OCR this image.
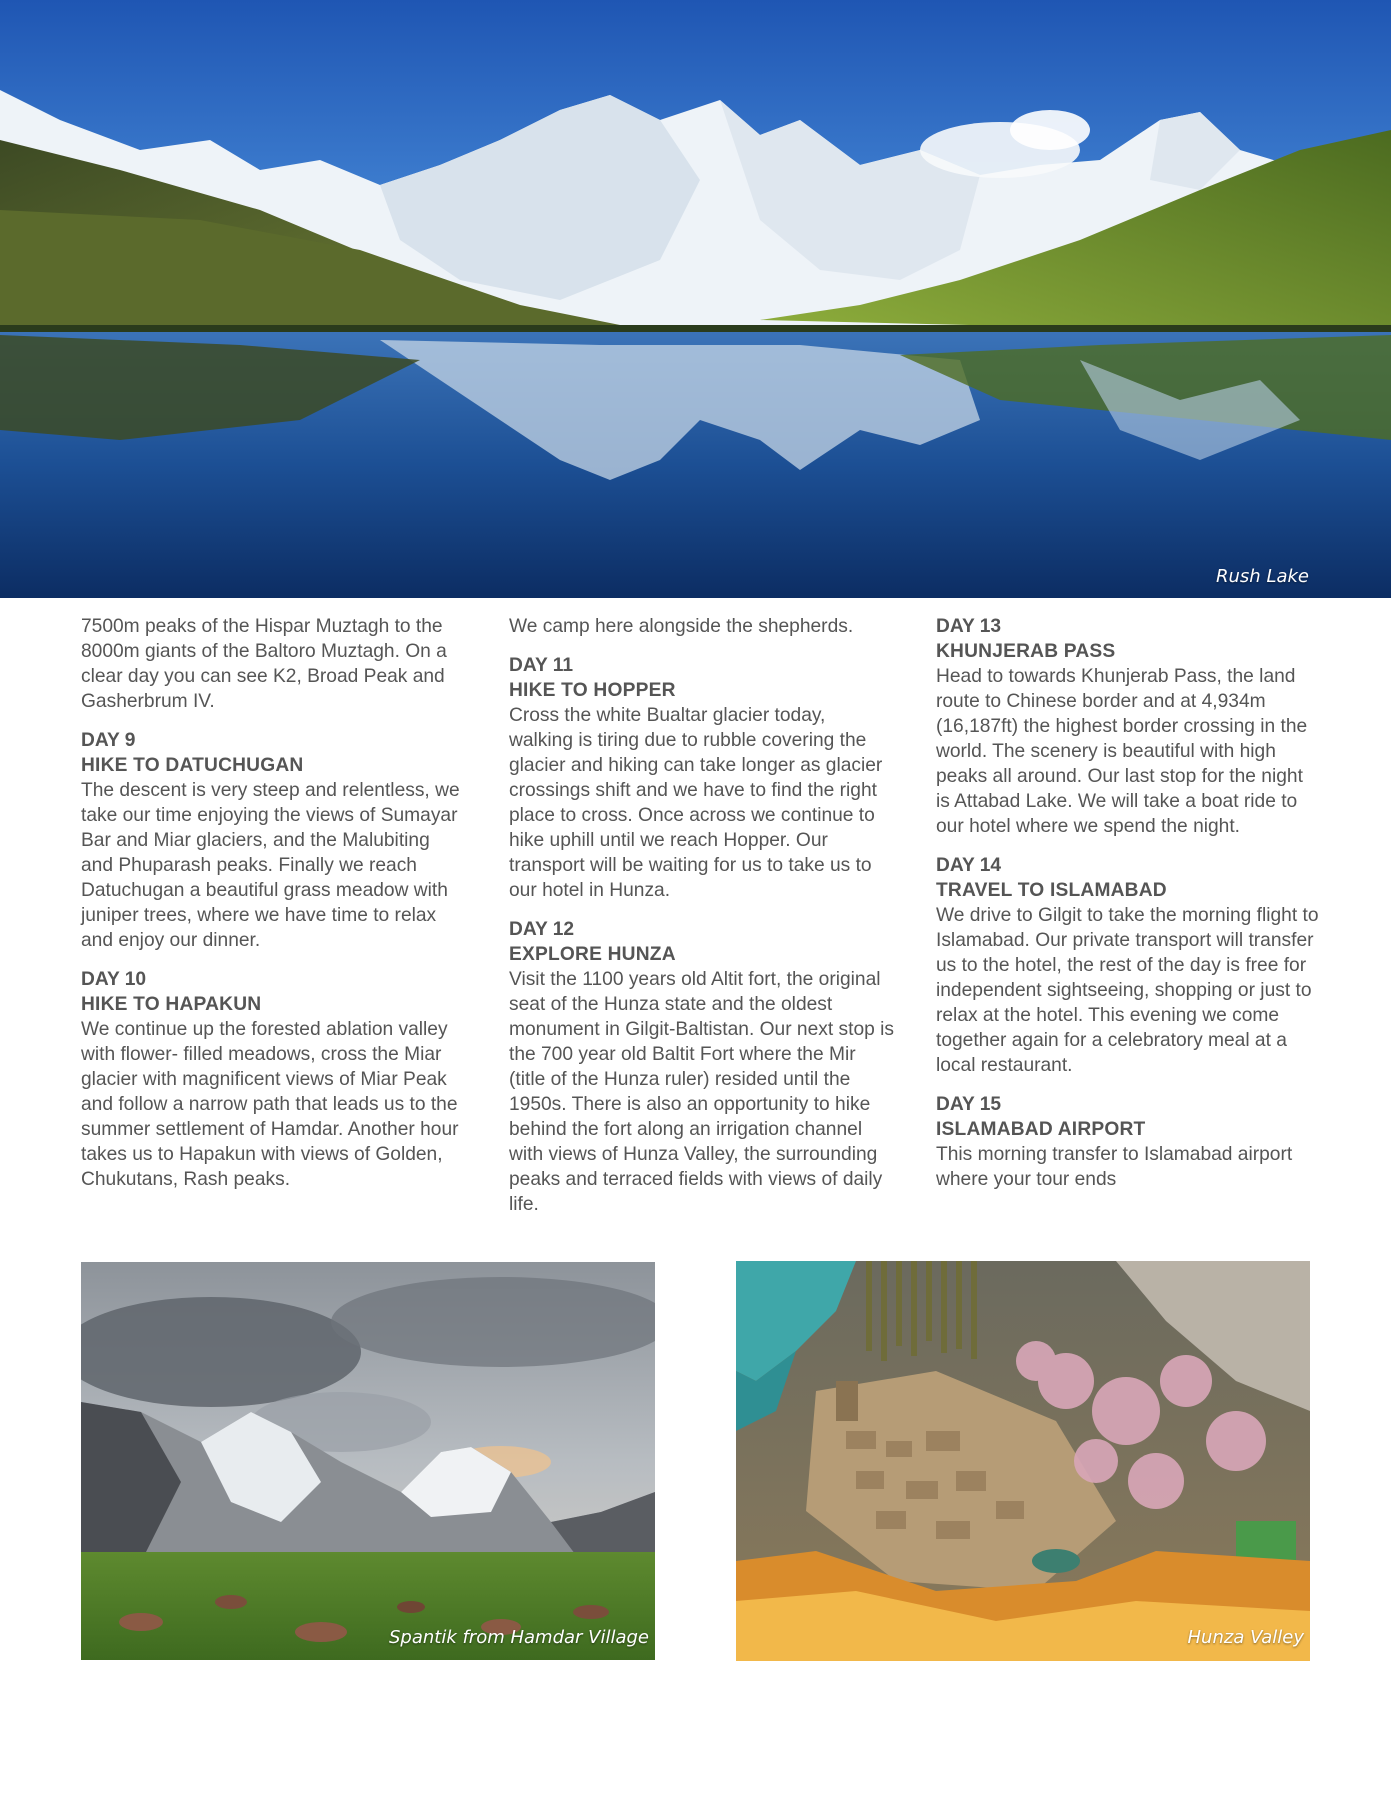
Rush Lake

7500m peaks of the Hispar Muztagh to the 8000m giants of the Baltoro Muztagh. On a clear day you can see K2, Broad Peak and Gasherbrum IV.

DAY 9

HIKE TO DATUCHUGAN

The descent is very steep and relentless, we take our time enjoying the views of Sumayar Bar and Miar glaciers, and the Malubiting and Phuparash peaks. Finally we reach Datuchugan a beautiful grass meadow with juniper trees, where we have time to relax and enjoy our dinner.

DAY 10

HIKE TO HAPAKUN

We continue up the forested ablation valley with flower- filled meadows, cross the Miar glacier with magnificent views of Miar Peak and follow a narrow path that leads us to the summer settlement of Hamdar. Another hour takes us to Hapakun with views of Golden, Chukutans, Rash peaks.

We camp here alongside the shepherds.

DAY 11

HIKE TO HOPPER

Cross the white Bualtar glacier today, walking is tiring due to rubble covering the glacier and hiking can take longer as glacier crossings shift and we have to find the right place to cross. Once across we continue to hike uphill until we reach Hopper. Our transport will be waiting for us to take us to our hotel in Hunza.

DAY 12

EXPLORE HUNZA

Visit the 1100 years old Altit fort, the original seat of the Hunza state and the oldest monument in Gilgit-Baltistan. Our next stop is the 700 year old Baltit Fort where the Mir (title of the Hunza ruler) resided until the 1950s. There is also an opportunity to hike behind the fort along an irrigation channel with views of Hunza Valley, the surrounding peaks and terraced fields with views of daily life.

DAY 13

KHUNJERAB PASS

Head to towards Khunjerab Pass, the land route to Chinese border and at 4,934m (16,187ft) the highest border crossing in the world. The scenery is beautiful with high peaks all around. Our last stop for the night is Attabad Lake. We will take a boat ride to our hotel where we spend the night.

DAY 14

TRAVEL TO ISLAMABAD

We drive to Gilgit to take the morning flight to Islamabad. Our private transport will transfer us to the hotel, the rest of the day is free for independent sightseeing, shopping or just to relax at the hotel. This evening we come together again for a celebratory meal at a local restaurant.

DAY 15

ISLAMABAD AIRPORT

This morning transfer to Islamabad airport where your tour ends

Spantik from Hamdar Village	Hunza Valley
